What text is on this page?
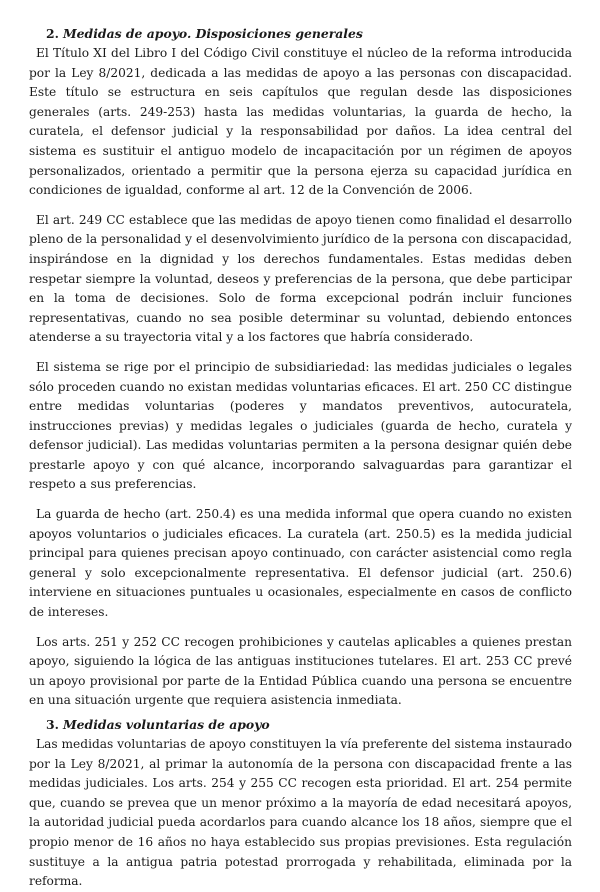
2. Medidas de apoyo. Disposiciones generales

El Título XI del Libro I del Código Civil constituye el núcleo de la reforma introducida por la Ley 8/2021, dedicada a las medidas de apoyo a las personas con discapacidad. Este título se estructura en seis capítulos que regulan desde las disposiciones generales (arts. 249-253) hasta las medidas voluntarias, la guarda de hecho, la curatela, el defensor judicial y la responsabilidad por daños. La idea central del sistema es sustituir el antiguo modelo de incapacitación por un régimen de apoyos personalizados, orientado a permitir que la persona ejerza su capacidad jurídica en condiciones de igualdad, conforme al art. 12 de la Convención de 2006.

El art. 249 CC establece que las medidas de apoyo tienen como finalidad el desarrollo pleno de la personalidad y el desenvolvimiento jurídico de la persona con discapacidad, inspirándose en la dignidad y los derechos fundamentales. Estas medidas deben respetar siempre la voluntad, deseos y preferencias de la persona, que debe participar en la toma de decisiones. Solo de forma excepcional podrán incluir funciones representativas, cuando no sea posible determinar su voluntad, debiendo entonces atenderse a su trayectoria vital y a los factores que habría considerado.

El sistema se rige por el principio de subsidiariedad: las medidas judiciales o legales sólo proceden cuando no existan medidas voluntarias eficaces. El art. 250 CC distingue entre medidas voluntarias (poderes y mandatos preventivos, autocuratela, instrucciones previas) y medidas legales o judiciales (guarda de hecho, curatela y defensor judicial). Las medidas voluntarias permiten a la persona designar quién debe prestarle apoyo y con qué alcance, incorporando salvaguardas para garantizar el respeto a sus preferencias.

La guarda de hecho (art. 250.4) es una medida informal que opera cuando no existen apoyos voluntarios o judiciales eficaces. La curatela (art. 250.5) es la medida judicial principal para quienes precisan apoyo continuado, con carácter asistencial como regla general y solo excepcionalmente representativa. El defensor judicial (art. 250.6) interviene en situaciones puntuales u ocasionales, especialmente en casos de conflicto de intereses.

Los arts. 251 y 252 CC recogen prohibiciones y cautelas aplicables a quienes prestan apoyo, siguiendo la lógica de las antiguas instituciones tutelares. El art. 253 CC prevé un apoyo provisional por parte de la Entidad Pública cuando una persona se encuentre en una situación urgente que requiera asistencia inmediata.

3. Medidas voluntarias de apoyo

Las medidas voluntarias de apoyo constituyen la vía preferente del sistema instaurado por la Ley 8/2021, al primar la autonomía de la persona con discapacidad frente a las medidas judiciales. Los arts. 254 y 255 CC recogen esta prioridad. El art. 254 permite que, cuando se prevea que un menor próximo a la mayoría de edad necesitará apoyos, la autoridad judicial pueda acordarlos para cuando alcance los 18 años, siempre que el propio menor de 16 años no haya establecido sus propias previsiones. Esta regulación sustituye a la antigua patria potestad prorrogada y rehabilitada, eliminada por la reforma.
